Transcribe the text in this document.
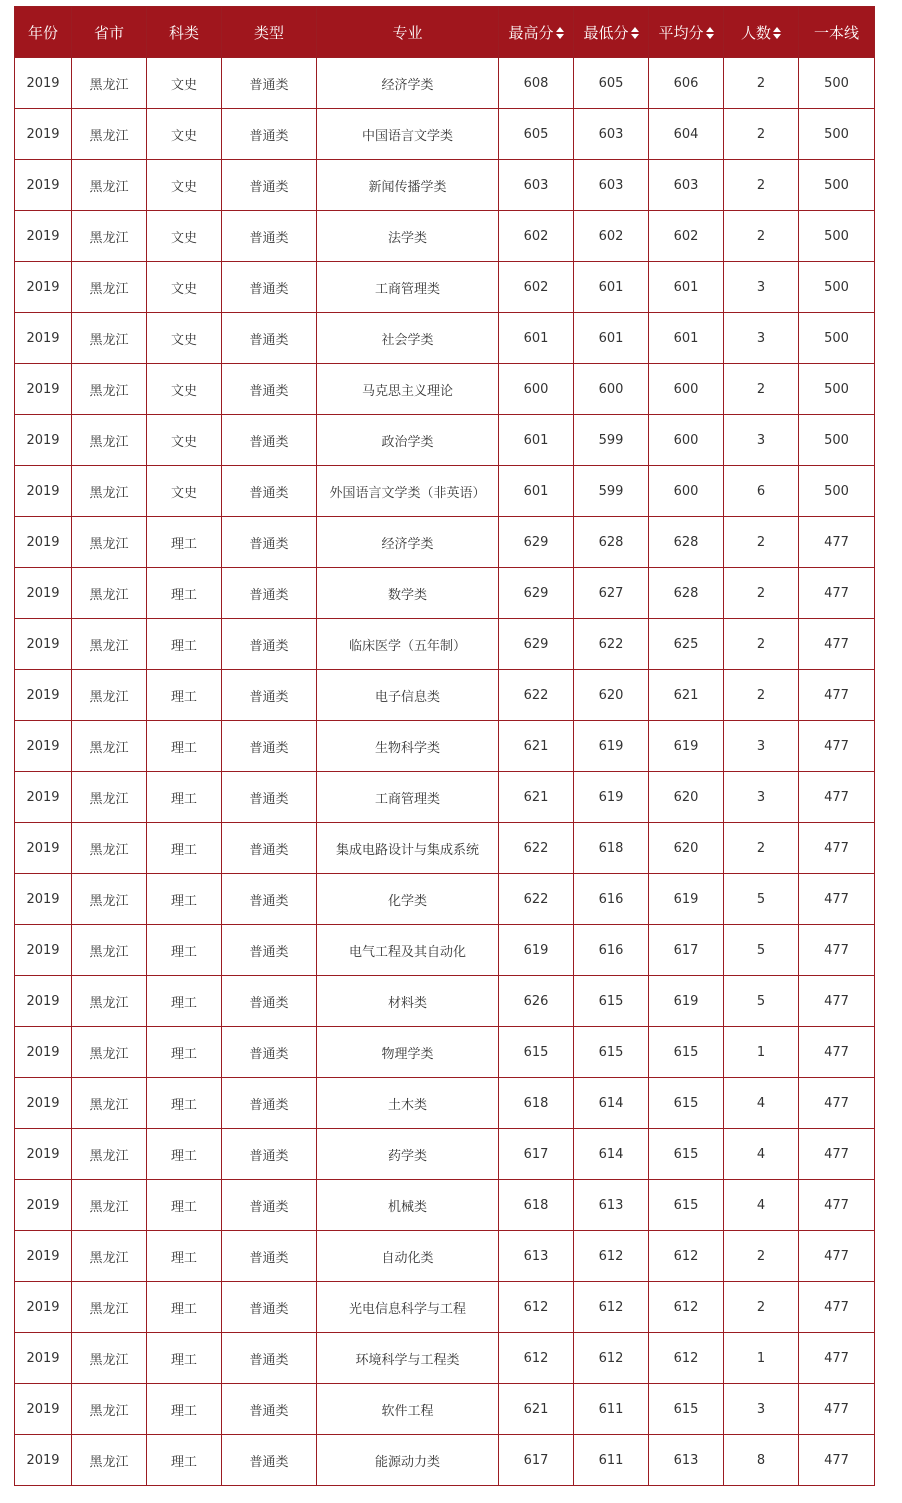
年份	省市	科类	类型	专业	最高分	最低分	平均分	人数	一本线
2019	黑龙江	文史	普通类	经济学类	608	605	606	2	500
2019	黑龙江	文史	普通类	中国语言文学类	605	603	604	2	500
2019	黑龙江	文史	普通类	新闻传播学类	603	603	603	2	500
2019	黑龙江	文史	普通类	法学类	602	602	602	2	500
2019	黑龙江	文史	普通类	工商管理类	602	601	601	3	500
2019	黑龙江	文史	普通类	社会学类	601	601	601	3	500
2019	黑龙江	文史	普通类	马克思主义理论	600	600	600	2	500
2019	黑龙江	文史	普通类	政治学类	601	599	600	3	500
2019	黑龙江	文史	普通类	外国语言文学类（非英语）	601	599	600	6	500
2019	黑龙江	理工	普通类	经济学类	629	628	628	2	477
2019	黑龙江	理工	普通类	数学类	629	627	628	2	477
2019	黑龙江	理工	普通类	临床医学（五年制）	629	622	625	2	477
2019	黑龙江	理工	普通类	电子信息类	622	620	621	2	477
2019	黑龙江	理工	普通类	生物科学类	621	619	619	3	477
2019	黑龙江	理工	普通类	工商管理类	621	619	620	3	477
2019	黑龙江	理工	普通类	集成电路设计与集成系统	622	618	620	2	477
2019	黑龙江	理工	普通类	化学类	622	616	619	5	477
2019	黑龙江	理工	普通类	电气工程及其自动化	619	616	617	5	477
2019	黑龙江	理工	普通类	材料类	626	615	619	5	477
2019	黑龙江	理工	普通类	物理学类	615	615	615	1	477
2019	黑龙江	理工	普通类	土木类	618	614	615	4	477
2019	黑龙江	理工	普通类	药学类	617	614	615	4	477
2019	黑龙江	理工	普通类	机械类	618	613	615	4	477
2019	黑龙江	理工	普通类	自动化类	613	612	612	2	477
2019	黑龙江	理工	普通类	光电信息科学与工程	612	612	612	2	477
2019	黑龙江	理工	普通类	环境科学与工程类	612	612	612	1	477
2019	黑龙江	理工	普通类	软件工程	621	611	615	3	477
2019	黑龙江	理工	普通类	能源动力类	617	611	613	8	477
